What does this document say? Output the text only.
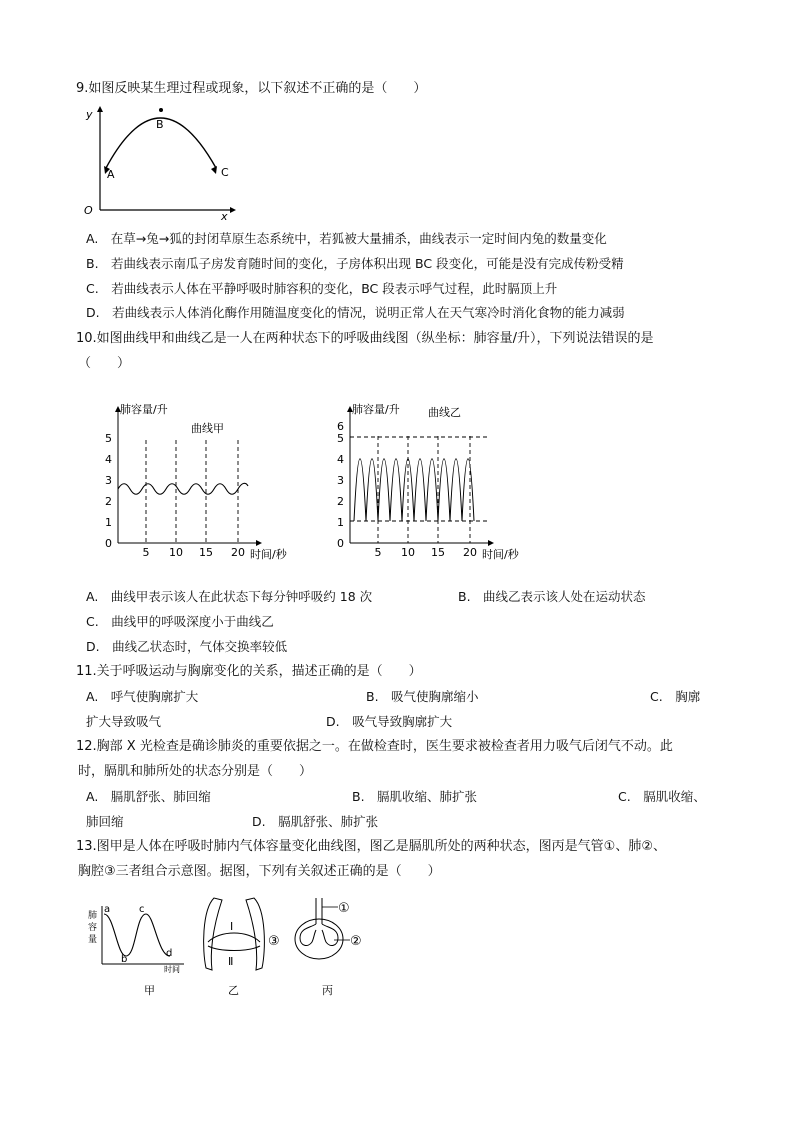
9.如图反映某生理过程或现象，以下叙述不正确的是（　　）
y
x
O
A
B
C
A.　在草→兔→狐的封闭草原生态系统中，若狐被大量捕杀，曲线表示一定时间内兔的数量变化
B.　若曲线表示南瓜子房发育随时间的变化，子房体积出现 BC 段变化，可能是没有完成传粉受精
C.　若曲线表示人体在平静呼吸时肺容积的变化，BC 段表示呼气过程，此时膈顶上升
D.　若曲线表示人体消化酶作用随温度变化的情况，说明正常人在天气寒冷时消化食物的能力减弱
10.如图曲线甲和曲线乙是一人在两种状态下的呼吸曲线图（纵坐标：肺容量/升），下列说法错误的是
（　　）
肺容量/升
曲线甲
5
4
3
2
1
0
5 10 15 20 时间/秒
肺容量/升	曲线乙
6
5
4
3
2
1
0
5 10 15 20 时间/秒
A.　曲线甲表示该人在此状态下每分钟呼吸约 18 次	B.　曲线乙表示该人处在运动状态
C.　曲线甲的呼吸深度小于曲线乙
D.　曲线乙状态时，气体交换率较低
11.关于呼吸运动与胸廓变化的关系，描述正确的是（　　）
A.　呼气使胸廓扩大	B.　吸气使胸廓缩小	C.　胸廓
扩大导致吸气	D.　吸气导致胸廓扩大
12.胸部 X 光检查是确诊肺炎的重要依据之一。在做检查时，医生要求被检查者用力吸气后闭气不动。此
时，膈肌和肺所处的状态分别是（　　）
A.　膈肌舒张、肺回缩	B.　膈肌收缩、肺扩张	C.　膈肌收缩、
肺回缩	D.　膈肌舒张、肺扩张
13.图甲是人体在呼吸时肺内气体容量变化曲线图，图乙是膈肌所处的两种状态，图丙是气管①、肺②、
胸腔③三者组合示意图。据图，下列有关叙述正确的是（　　）
肺
容
量
a
b
c
d
时间
甲
Ⅰ
Ⅱ
乙
①
②
③
丙
